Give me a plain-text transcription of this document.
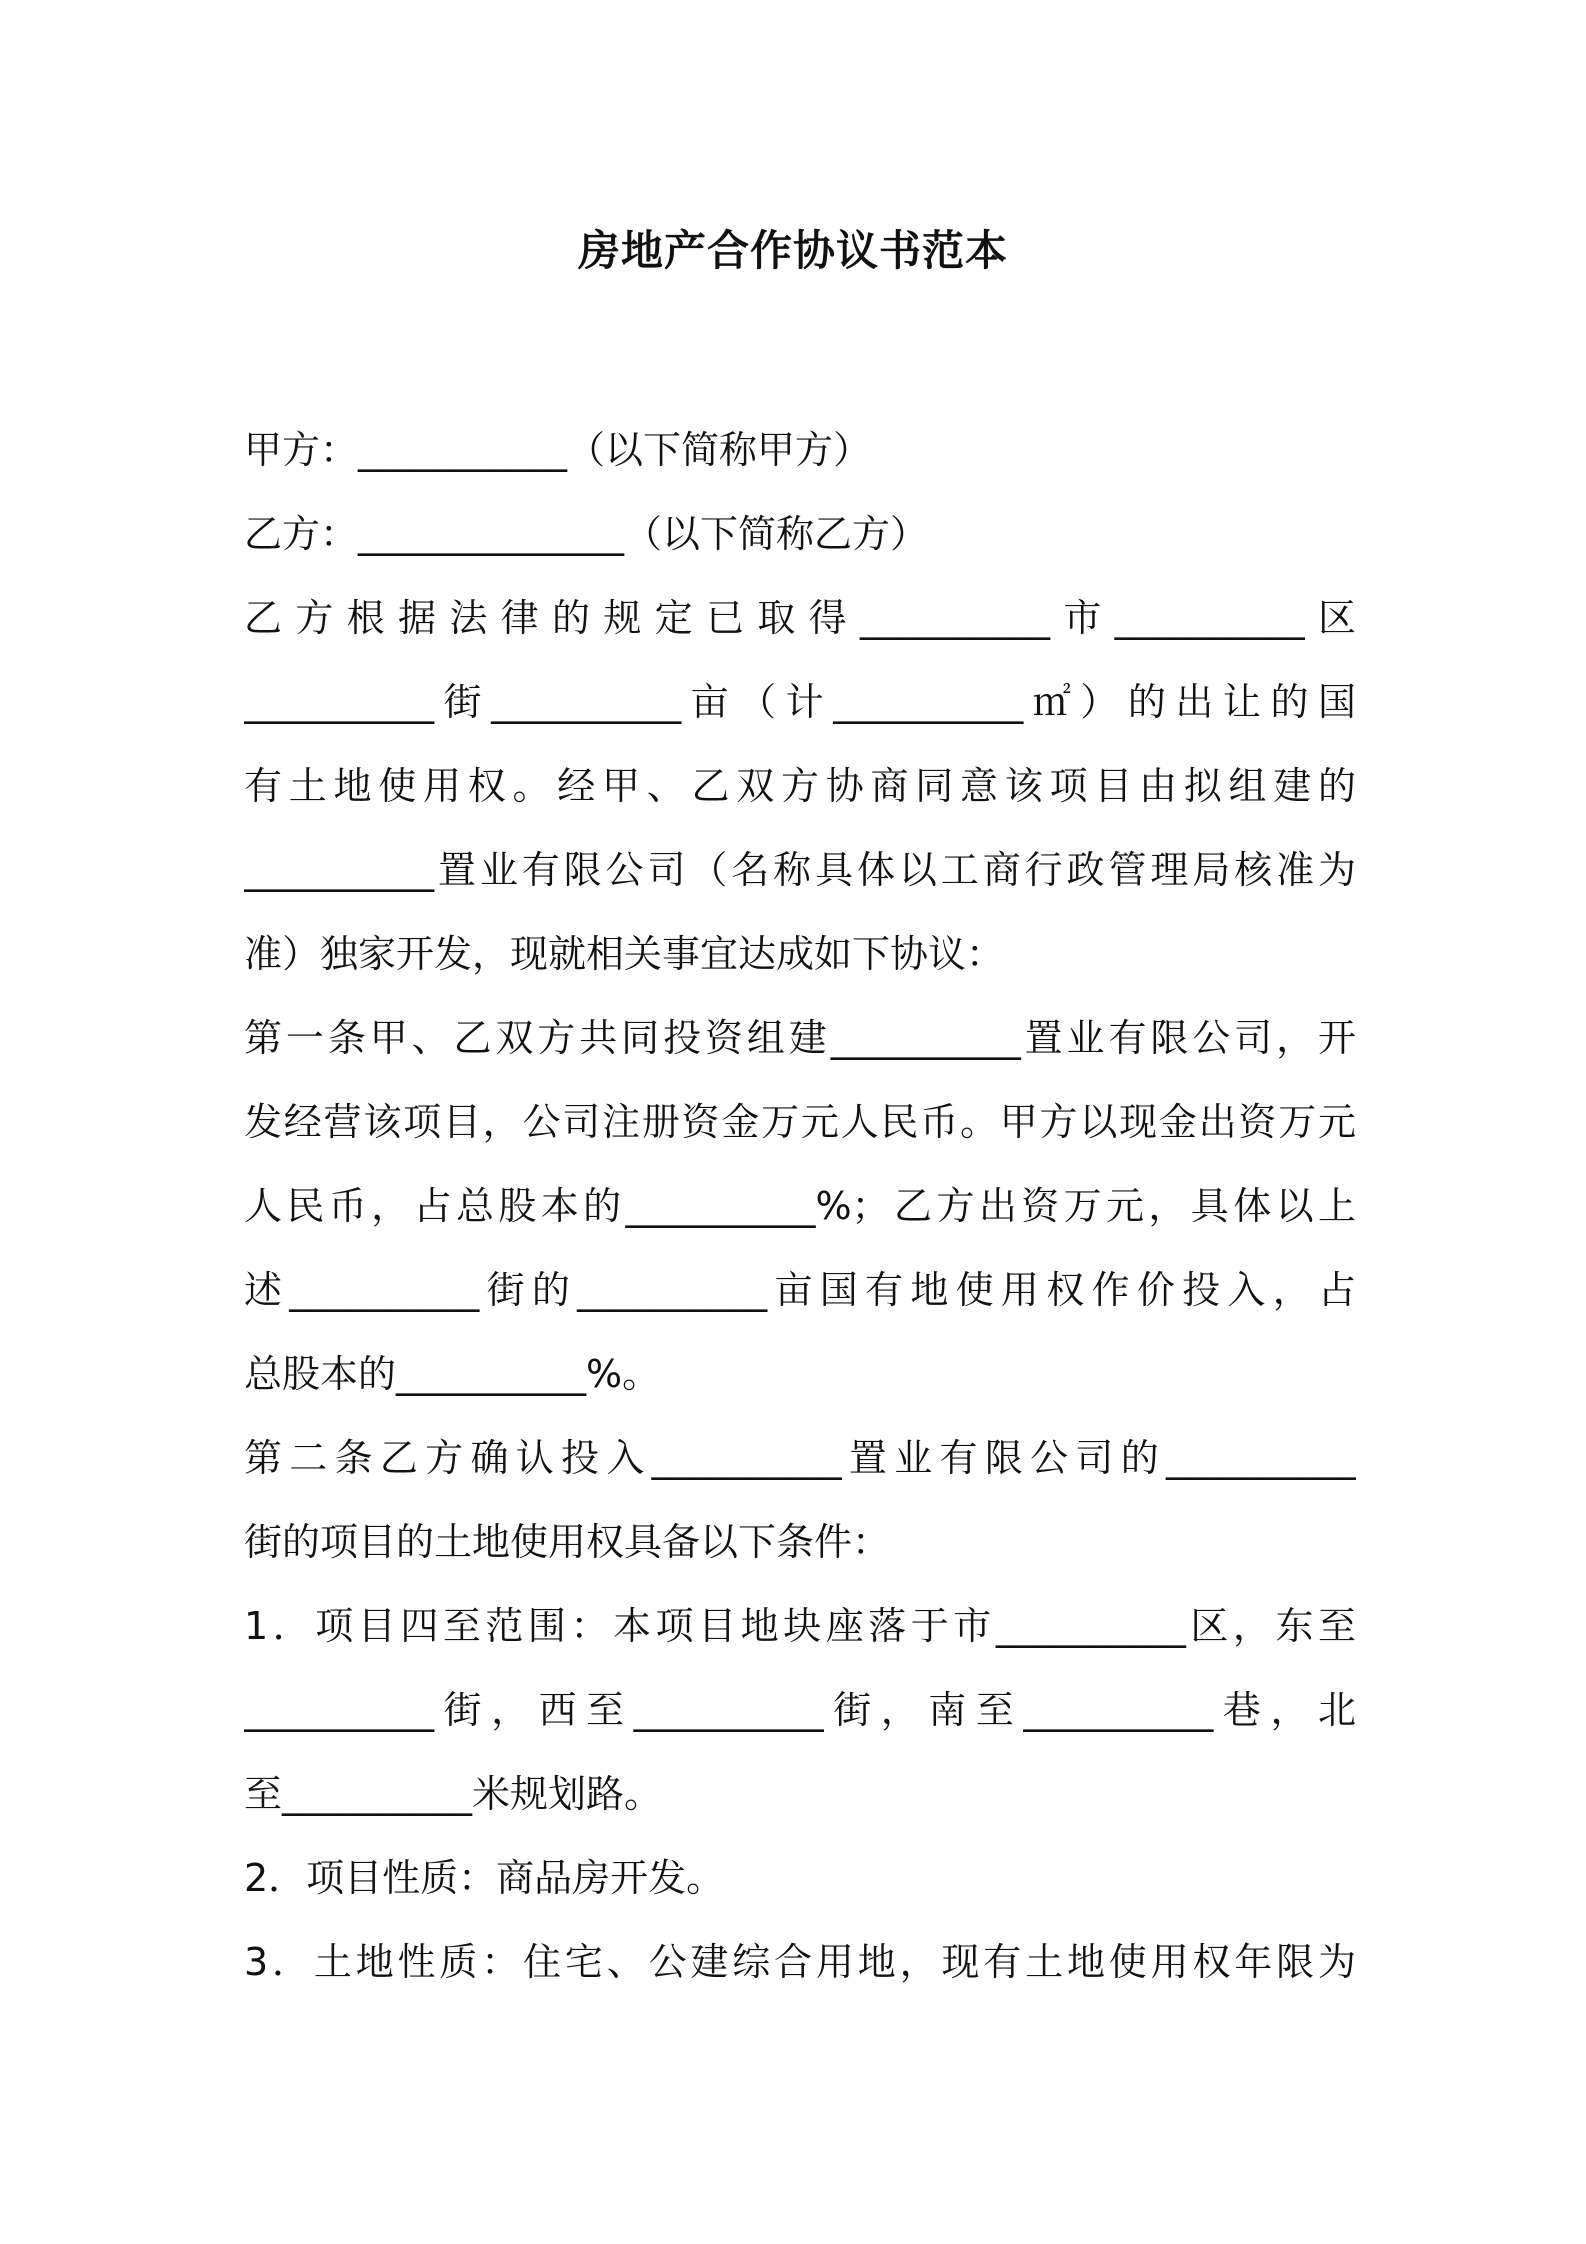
房地产合作协议书范本
甲方：___________（以下简称甲方）
乙方：______________（以下简称乙方）
乙方根据法律的规定已取得__________市__________区
__________街__________亩（计__________㎡）的出让的国
有土地使用权。经甲、乙双方协商同意该项目由拟组建的
__________置业有限公司（名称具体以工商行政管理局核准为
准）独家开发，现就相关事宜达成如下协议：
第一条甲、乙双方共同投资组建__________置业有限公司，开
发经营该项目，公司注册资金万元人民币。甲方以现金出资万元
人民币，占总股本的__________%；乙方出资万元，具体以上
述__________街的__________亩国有地使用权作价投入，占
总股本的__________%。
第二条乙方确认投入__________置业有限公司的__________
街的项目的土地使用权具备以下条件：
1．项目四至范围：本项目地块座落于市__________区，东至
__________街，西至__________街，南至__________巷，北
至__________米规划路。
2．项目性质：商品房开发。
3．土地性质：住宅、公建综合用地，现有土地使用权年限为
